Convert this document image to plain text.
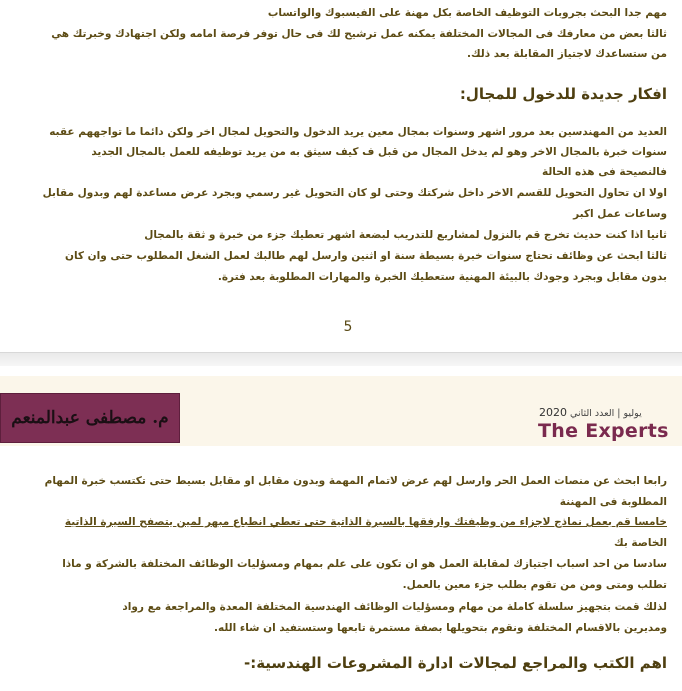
مهم جدا البحث بجروبات التوظيف الخاصة بكل مهنة على الفيسبوك والواتساب
ثالثا بعض من معارفك فى المجالات المختلفة يمكنه عمل ترشيح لك فى حال توفر فرصة امامه ولكن اجتهادك وخبرتك هي
من ستساعدك لاجتياز المقابلة بعد ذلك.
افكار جديدة للدخول للمجال:
العديد من المهندسين بعد مرور اشهر وسنوات بمجال معين يريد الدخول والتحويل لمجال اخر ولكن دائما ما تواجههم عقبه
سنوات خبرة بالمجال الاخر وهو لم يدخل المجال من قبل ف كيف سيثق به من يريد توظيفه للعمل بالمجال الجديد
فالنصيحة فى هذه الحالة
اولا ان تحاول التحويل للقسم الاخر داخل شركتك وحتى لو كان التحويل غير رسمي وبجرد عرض مساعدة لهم وبدول مقابل
وساعات عمل اكبر
ثانيا اذا كنت حديث تخرج قم بالنزول لمشاريع للتدريب لبضعة اشهر تعطيك جزء من خبرة و ثقة بالمجال
ثالثا ابحث عن وظائف تحتاج سنوات خبرة بسيطة سنة او اثنين وارسل لهم طالبك لعمل الشغل المطلوب حتى وان كان
بدون مقابل وبجرد وجودك بالبيئة المهنية ستعطيك الخبرة والمهارات المطلوبة بعد فترة.
5
م. مصطفى عبدالمنعم	2020	يوليو | العدد الثاني
The Experts
رابعا ابحث عن منصات العمل الحر وارسل لهم عرض لاتمام المهمة وبدون مقابل او مقابل بسيط حتى تكتسب خبرة المهام
المطلوبة فى المهننة
خامسا قم بعمل نماذج لاجزاء من وظيفتك وارفقها بالسيرة الذاتية حتى تعطي انطباع مبهر لمين يتصفح السيرة الذاتية
الخاصة بك
سادسا من احد اسباب اجتيازك لمقابلة العمل هو ان تكون على علم بمهام ومسؤليات الوظائف المختلفة بالشركة و ماذا
تطلب ومتى ومن من تقوم بطلب جزء معين بالعمل.
لذلك قمت بتجهيز سلسلة كاملة من مهام ومسؤليات الوظائف الهندسية المختلفة المعدة والمراجعة مع رواد
ومديرين بالاقسام المختلفة ونقوم بتحويلها بصفة مستمرة تابعها وستستفيد ان شاء الله.
اهم الكتب والمراجع لمجالات ادارة المشروعات الهندسية:-
